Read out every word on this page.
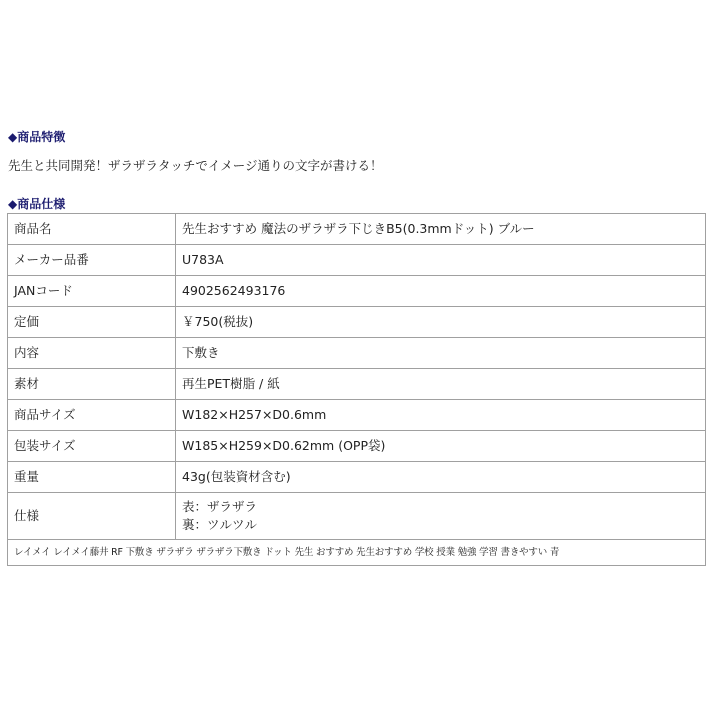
◆商品特徴
先生と共同開発！ザラザラタッチでイメージ通りの文字が書ける！
◆商品仕様
商品名	先生おすすめ 魔法のザラザラ下じきB5(0.3mmドット) ブルー
メーカー品番	U783A
JANコード	4902562493176
定価	￥750(税抜)
内容	下敷き
素材	再生PET樹脂 / 紙
商品サイズ	W182×H257×D0.6mm
包装サイズ	W185×H259×D0.62mm (OPP袋)
重量	43g(包装資材含む)
仕様	表：ザラザラ
裏：ツルツル

レイメイ レイメイ藤井 RF 下敷き ザラザラ ザラザラ下敷き ドット 先生 おすすめ 先生おすすめ 学校 授業 勉強 学習 書きやすい 青	
